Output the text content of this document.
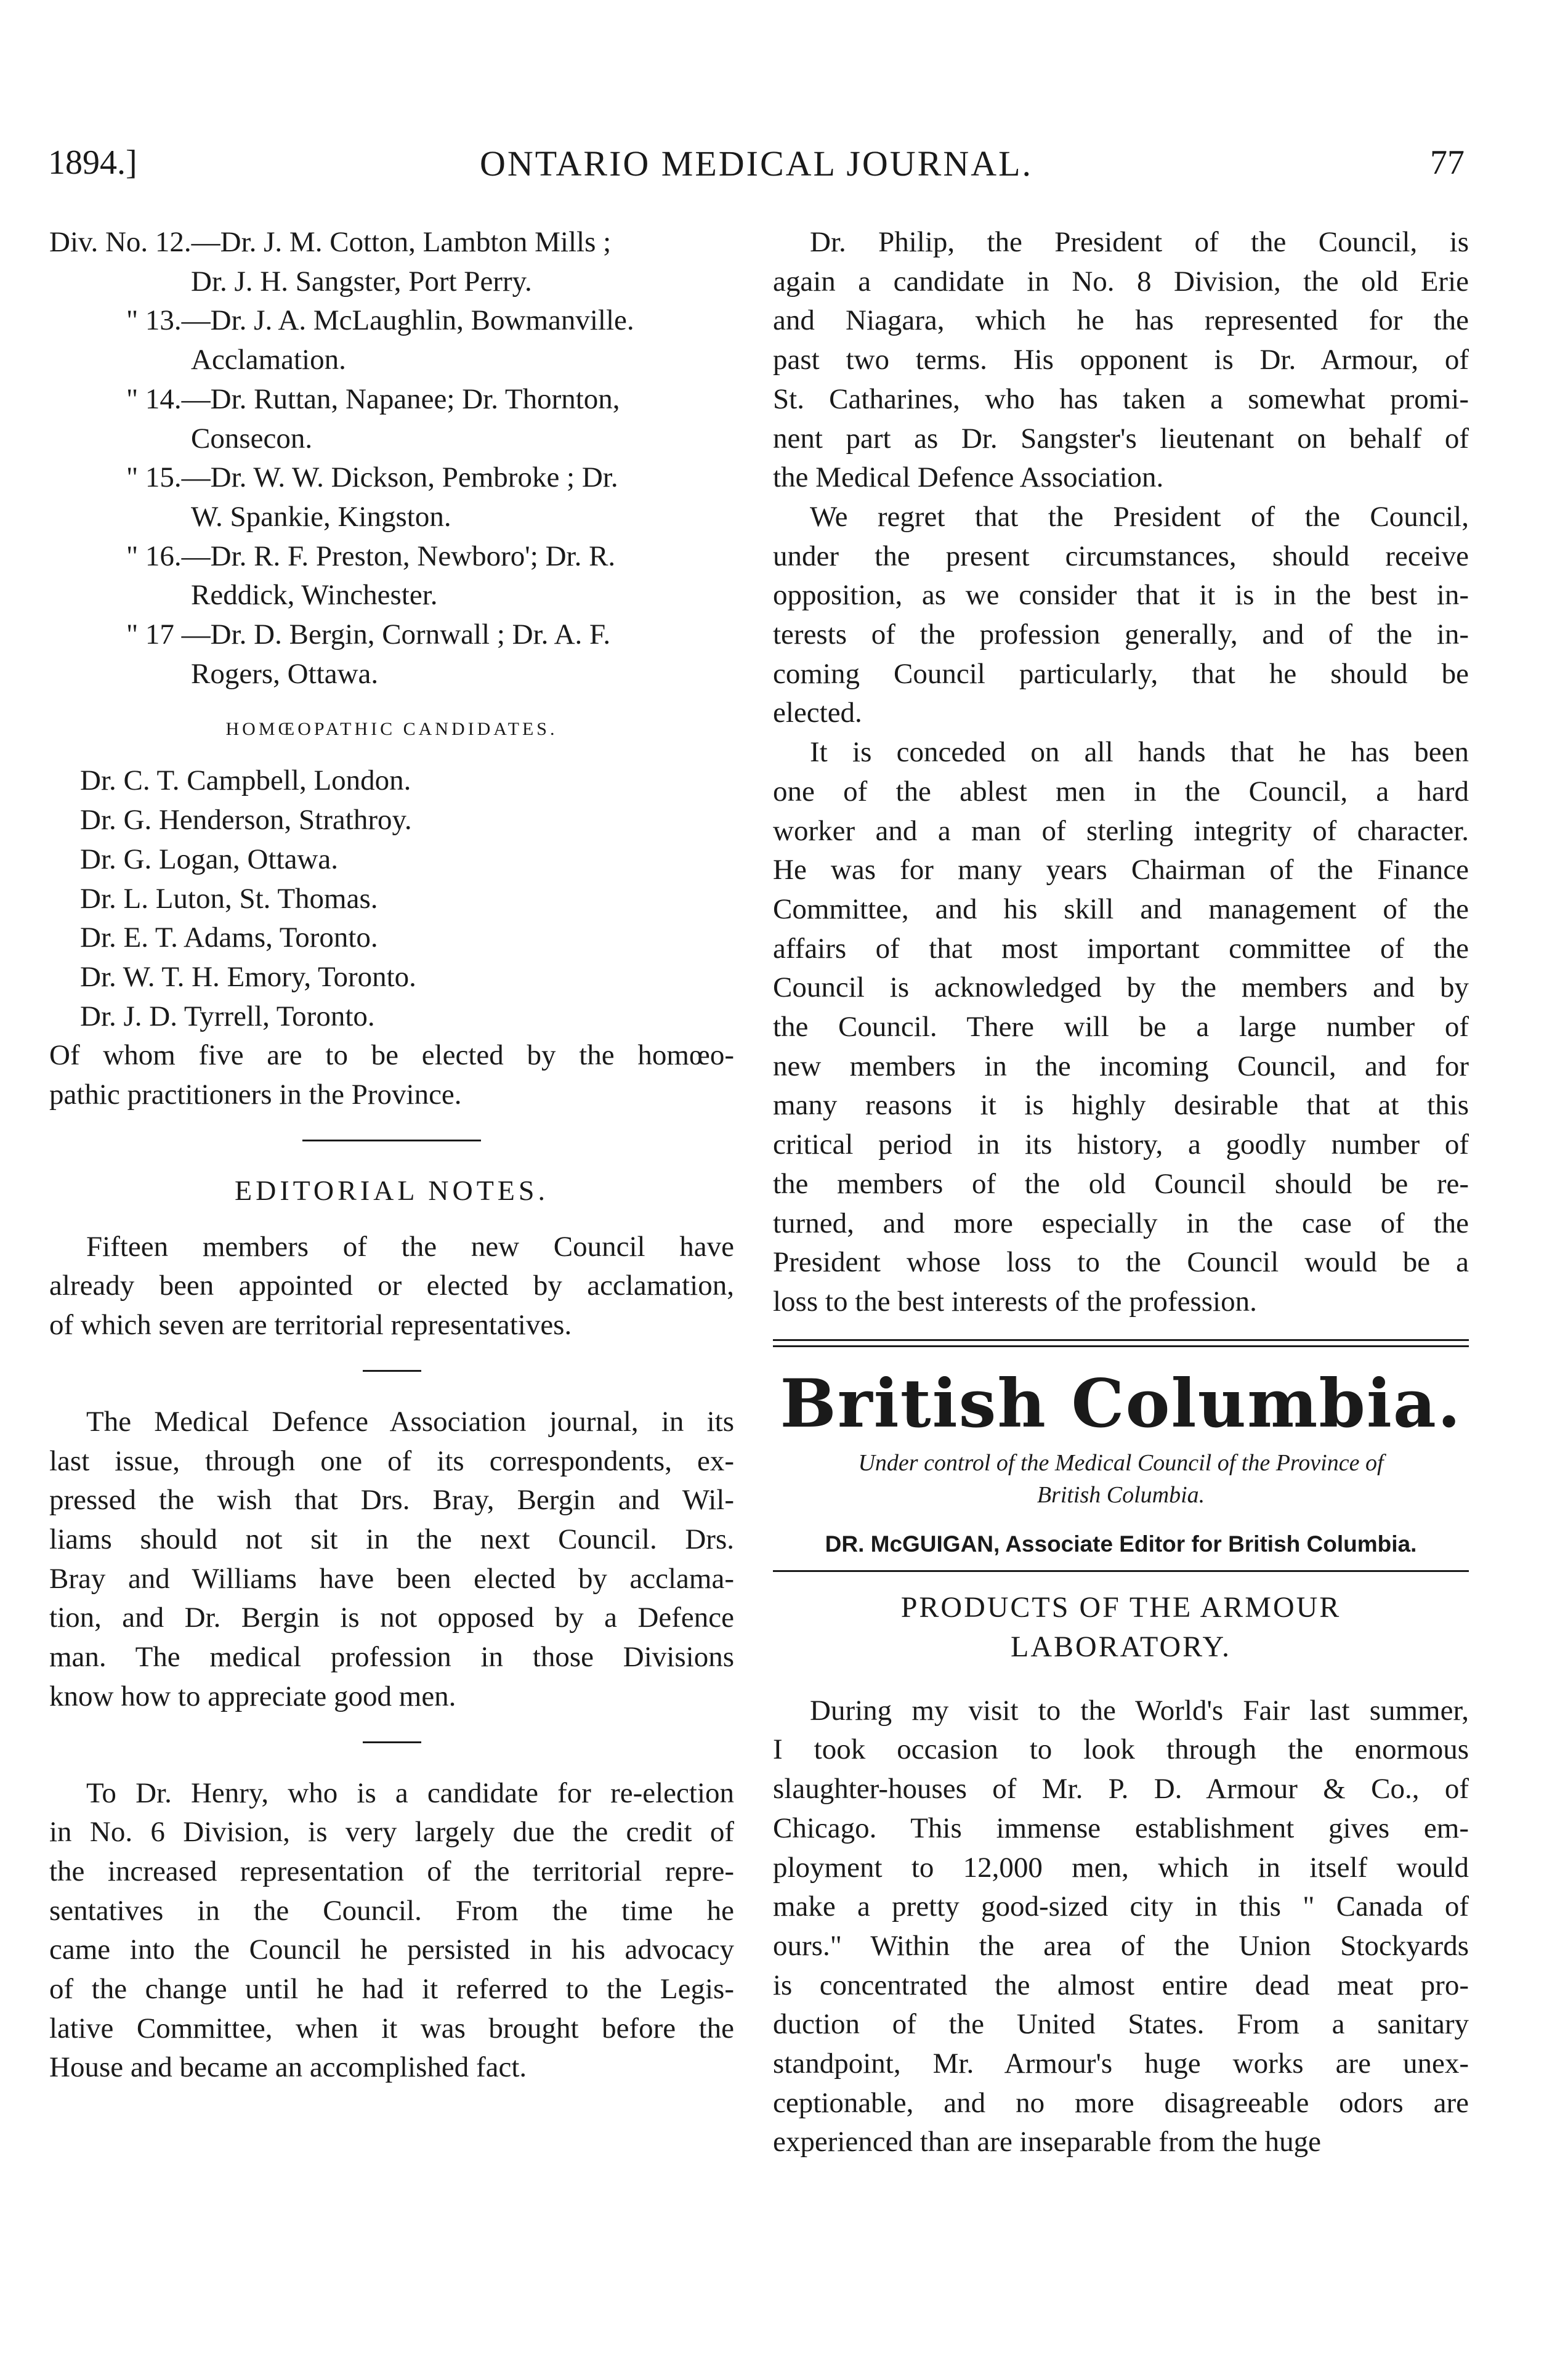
1894.]	ONTARIO MEDICAL JOURNAL.	77
Div. No. 12.—Dr. J. M. Cotton, Lambton Mills ;
Dr. J. H. Sangster, Port Perry.
" 13.—Dr. J. A. McLaughlin, Bowmanville.
Acclamation.
" 14.—Dr. Ruttan, Napanee; Dr. Thornton,
Consecon.
" 15.—Dr. W. W. Dickson, Pembroke ; Dr.
W. Spankie, Kingston.
" 16.—Dr. R. F. Preston, Newboro'; Dr. R.
Reddick, Winchester.
" 17 —Dr. D. Bergin, Cornwall ; Dr. A. F.
Rogers, Ottawa.
HOMŒOPATHIC CANDIDATES.
Dr. C. T. Campbell, London.
Dr. G. Henderson, Strathroy.
Dr. G. Logan, Ottawa.
Dr. L. Luton, St. Thomas.
Dr. E. T. Adams, Toronto.
Dr. W. T. H. Emory, Toronto.
Dr. J. D. Tyrrell, Toronto.
Of whom five are to be elected by the homœo-
pathic practitioners in the Province.
EDITORIAL NOTES.
Fifteen members of the new Council have
already been appointed or elected by acclamation,
of which seven are territorial representatives.
The Medical Defence Association journal, in its
last issue, through one of its correspondents, ex-
pressed the wish that Drs. Bray, Bergin and Wil-
liams should not sit in the next Council. Drs.
Bray and Williams have been elected by acclama-
tion, and Dr. Bergin is not opposed by a Defence
man. The medical profession in those Divisions
know how to appreciate good men.
To Dr. Henry, who is a candidate for re-election
in No. 6 Division, is very largely due the credit of
the increased representation of the territorial repre-
sentatives in the Council. From the time he
came into the Council he persisted in his advocacy
of the change until he had it referred to the Legis-
lative Committee, when it was brought before the
House and became an accomplished fact.
Dr. Philip, the President of the Council, is
again a candidate in No. 8 Division, the old Erie
and Niagara, which he has represented for the
past two terms. His opponent is Dr. Armour, of
St. Catharines, who has taken a somewhat promi-
nent part as Dr. Sangster's lieutenant on behalf of
the Medical Defence Association.
We regret that the President of the Council,
under the present circumstances, should receive
opposition, as we consider that it is in the best in-
terests of the profession generally, and of the in-
coming Council particularly, that he should be
elected.
It is conceded on all hands that he has been
one of the ablest men in the Council, a hard
worker and a man of sterling integrity of character.
He was for many years Chairman of the Finance
Committee, and his skill and management of the
affairs of that most important committee of the
Council is acknowledged by the members and by
the Council. There will be a large number of
new members in the incoming Council, and for
many reasons it is highly desirable that at this
critical period in its history, a goodly number of
the members of the old Council should be re-
turned, and more especially in the case of the
President whose loss to the Council would be a
loss to the best interests of the profession.
British Columbia.
Under control of the Medical Council of the Province of
British Columbia.
DR. McGUIGAN, Associate Editor for British Columbia.
PRODUCTS OF THE ARMOUR
LABORATORY.
During my visit to the World's Fair last summer,
I took occasion to look through the enormous
slaughter-houses of Mr. P. D. Armour & Co., of
Chicago. This immense establishment gives em-
ployment to 12,000 men, which in itself would
make a pretty good-sized city in this " Canada of
ours." Within the area of the Union Stockyards
is concentrated the almost entire dead meat pro-
duction of the United States. From a sanitary
standpoint, Mr. Armour's huge works are unex-
ceptionable, and no more disagreeable odors are
experienced than are inseparable from the huge
